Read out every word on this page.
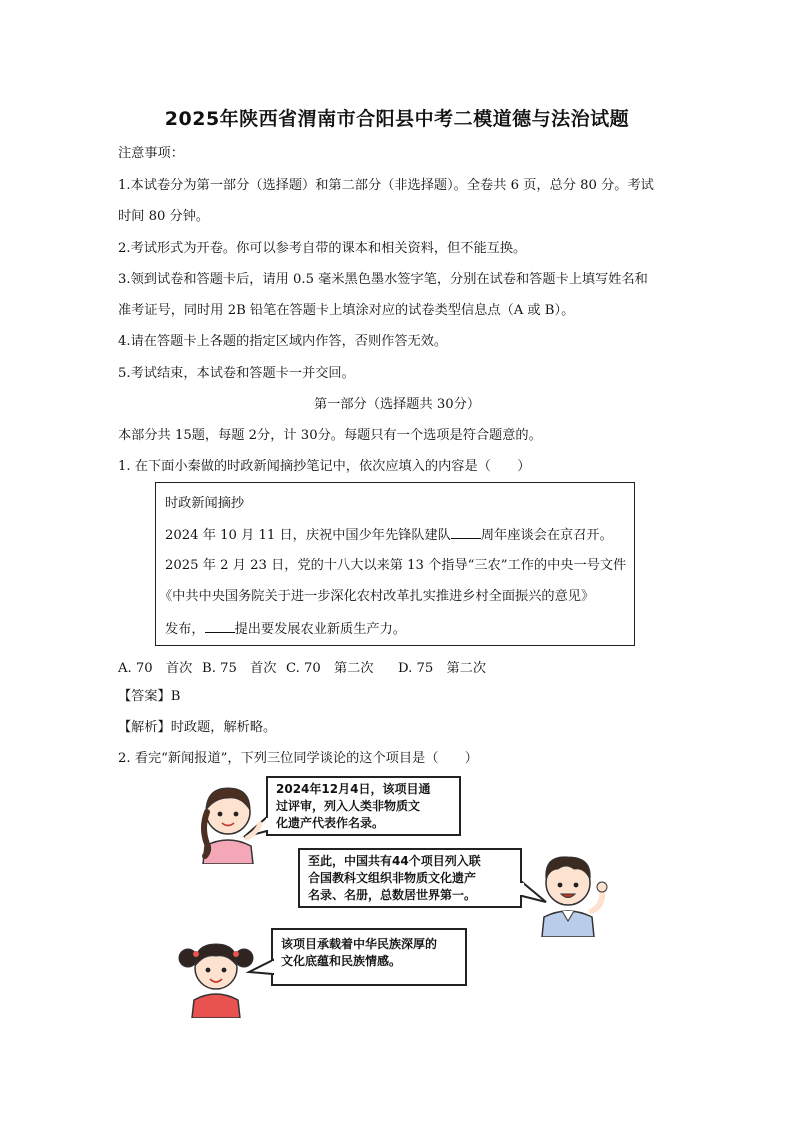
2025年陕西省渭南市合阳县中考二模道德与法治试题
注意事项：
1.本试卷分为第一部分（选择题）和第二部分（非选择题）。全卷共 6 页，总分 80 分。考试
时间 80 分钟。
2.考试形式为开卷。你可以参考自带的课本和相关资料，但不能互换。
3.领到试卷和答题卡后，请用 0.5 毫米黑色墨水签字笔，分别在试卷和答题卡上填写姓名和
准考证号，同时用 2B 铅笔在答题卡上填涂对应的试卷类型信息点（A 或 B）。
4.请在答题卡上各题的指定区域内作答，否则作答无效。
5.考试结束，本试卷和答题卡一并交回。
第一部分（选择题共 30分）
本部分共 15题，每题 2分，计 30分。每题只有一个选项是符合题意的。
1. 在下面小秦做的时政新闻摘抄笔记中，依次应填入的内容是（　　）
时政新闻摘抄
2024 年 10 月 11 日，庆祝中国少年先锋队建队 周年座谈会在京召开。
2025 年 2 月 23 日，党的十八大以来第 13 个指导“三农”工作的中央一号文件
《中共中央国务院关于进一步深化农村改革扎实推进乡村全面振兴的意见》
发布， 提出要发展农业新质生产力。
A. 70　首次 B. 75　首次 C. 70　第二次 D. 75　第二次
【答案】B
【解析】时政题，解析略。
2. 看完“新闻报道”，下列三位同学谈论的这个项目是（　　）
2024年12月4日，该项目通
过评审，列入人类非物质文
化遗产代表作名录。
至此，中国共有44个项目列入联
合国教科文组织非物质文化遗产
名录、名册，总数居世界第一。
该项目承载着中华民族深厚的
文化底蕴和民族情感。
